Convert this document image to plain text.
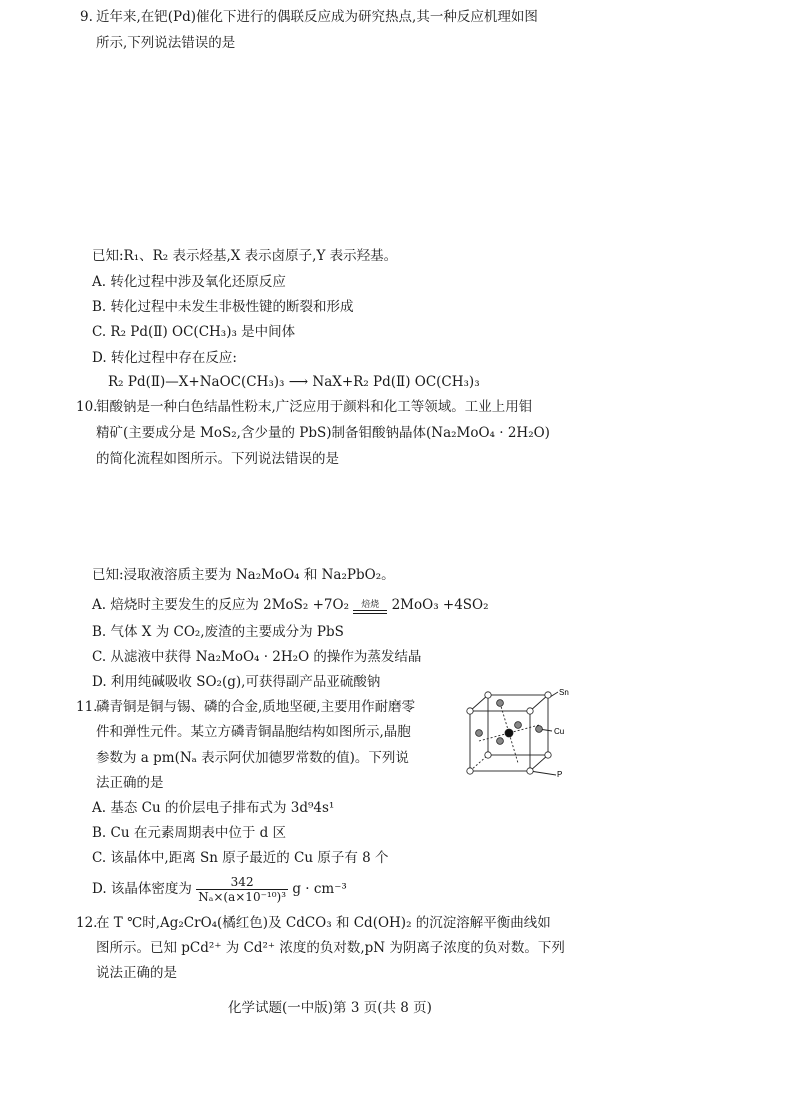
9. 近年来,在钯(Pd)催化下进行的偶联反应成为研究热点,其一种反应机理如图
所示,下列说法错误的是
已知:R₁、R₂ 表示烃基,X 表示卤原子,Y 表示羟基。
A. 转化过程中涉及氧化还原反应
B. 转化过程中未发生非极性键的断裂和形成
C. R₂ Pd(Ⅱ) OC(CH₃)₃ 是中间体
D. 转化过程中存在反应:
R₂ Pd(Ⅱ)—X+NaOC(CH₃)₃ ⟶ NaX+R₂ Pd(Ⅱ) OC(CH₃)₃
10.
钼酸钠是一种白色结晶性粉末,广泛应用于颜料和化工等领域。工业上用钼
精矿(主要成分是 MoS₂,含少量的 PbS)制备钼酸钠晶体(Na₂MoO₄ · 2H₂O)
的简化流程如图所示。下列说法错误的是
已知:浸取液溶质主要为 Na₂MoO₄ 和 Na₂PbO₂。
A. 焙烧时主要发生的反应为 2MoS₂ +7O₂	焙烧 2MoO₃ +4SO₂
B. 气体 X 为 CO₂,废渣的主要成分为 PbS
C. 从滤液中获得 Na₂MoO₄ · 2H₂O 的操作为蒸发结晶
D. 利用纯碱吸收 SO₂(g),可获得副产品亚硫酸钠
11.
磷青铜是铜与锡、磷的合金,质地坚硬,主要用作耐磨零
件和弹性元件。某立方磷青铜晶胞结构如图所示,晶胞
参数为 a pm(Nₐ 表示阿伏加德罗常数的值)。下列说
法正确的是
Sn
Cu
P
A. 基态 Cu 的价层电子排布式为 3d⁹4s¹
B. Cu 在元素周期表中位于 d 区
C. 该晶体中,距离 Sn 原子最近的 Cu 原子有 8 个
D. 该晶体密度为 $\frac{342}{\text{Nₐ×(a×10⁻¹⁰)³}}$ g · cm⁻³
12.
在 T ℃时,Ag₂CrO₄(橘红色)及 CdCO₃ 和 Cd(OH)₂ 的沉淀溶解平衡曲线如
图所示。已知 pCd²⁺ 为 Cd²⁺ 浓度的负对数,pN 为阴离子浓度的负对数。下列
说法正确的是
化学试题(一中版)第 3 页(共 8 页)
